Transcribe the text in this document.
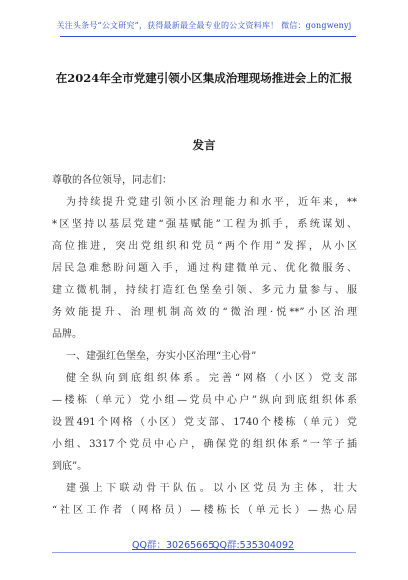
关注头条号“公文研究”，获得最新最全最专业的公文资料库！ 微信：gongwenyj
在2024年全市党建引领小区集成治理现场推进会上的汇报
发言
尊敬的各位领导，同志们：
为持续提升党建引领小区治理能力和水平，近年来，**
*区坚持以基层党建“强基赋能”工程为抓手，系统谋划、
高位推进，突出党组织和党员“两个作用”发挥，从小区
居民急难愁盼问题入手，通过构建微单元、优化微服务、
建立微机制，持续打造红色堡垒引领、多元力量参与、服
务效能提升、治理机制高效的“微治理·悦**”小区治理
品牌。
一、建强红色堡垒，夯实小区治理“主心骨”
健全纵向到底组织体系。完善“网格（小区）党支部
—楼栋（单元）党小组—党员中心户”纵向到底组织体系
设置491个网格（小区）党支部、1740个楼栋（单元）党
小组、3317个党员中心户，确保党的组织体系“一竿子插
到底”。
建强上下联动骨干队伍。以小区党员为主体，壮大
“社区工作者（网格员）—楼栋长（单元长）—热心居
QQ群：30265665
QQ群:535304092
